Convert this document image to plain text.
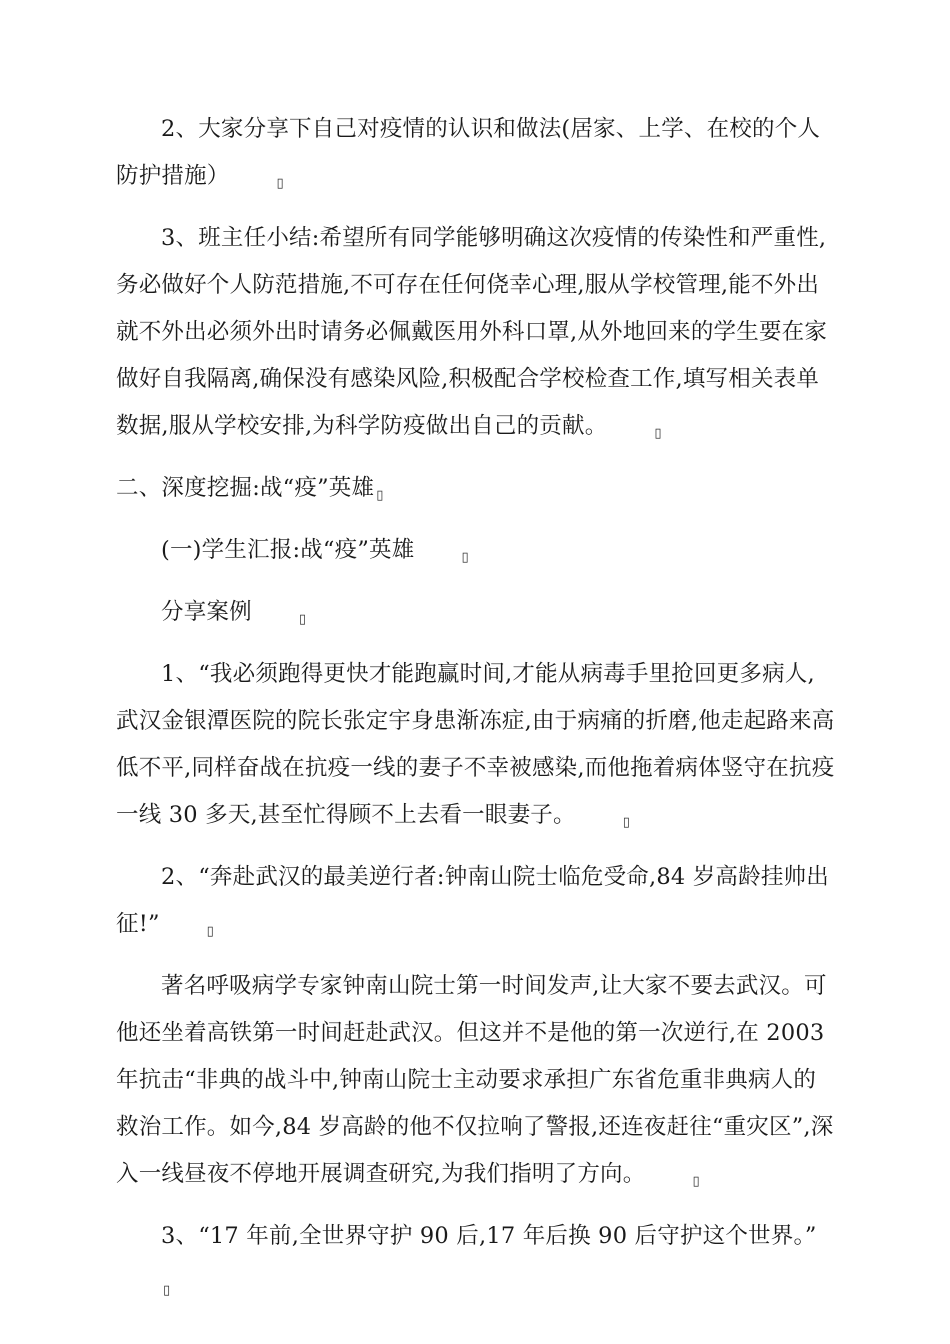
2、大家分享下自己对疫情的认识和做法(居家、上学、在校的个人防护措施）	▯

3、班主任小结:希望所有同学能够明确这次疫情的传染性和严重性,务必做好个人防范措施,不可存在任何侥幸心理,服从学校管理,能不外出就不外出必须外出时请务必佩戴医用外科口罩,从外地回来的学生要在家做好自我隔离,确保没有感染风险,积极配合学校检查工作,填写相关表单数据,服从学校安排,为科学防疫做出自己的贡献。	▯

二、深度挖掘:战“疫”英雄 ▯

(一)学生汇报:战“疫”英雄	▯

分享案例	▯

1、“我必须跑得更快才能跑赢时间,才能从病毒手里抢回更多病人,武汉金银潭医院的院长张定宇身患渐冻症,由于病痛的折磨,他走起路来高低不平,同样奋战在抗疫一线的妻子不幸被感染,而他拖着病体竖守在抗疫一线 30 多天,甚至忙得顾不上去看一眼妻子。	▯

2、“奔赴武汉的最美逆行者:钟南山院士临危受命,84 岁高龄挂帅出征!”	▯

著名呼吸病学专家钟南山院士第一时间发声,让大家不要去武汉。可他还坐着高铁第一时间赶赴武汉。但这并不是他的第一次逆行,在 2003 年抗击“非典的战斗中,钟南山院士主动要求承担广东省危重非典病人的救治工作。如今,84 岁高龄的他不仅拉响了警报,还连夜赶往“重灾区”,深入一线昼夜不停地开展调查研究,为我们指明了方向。	▯

3、“17 年前,全世界守护 90 后,17 年后换 90 后守护这个世界。”▯
